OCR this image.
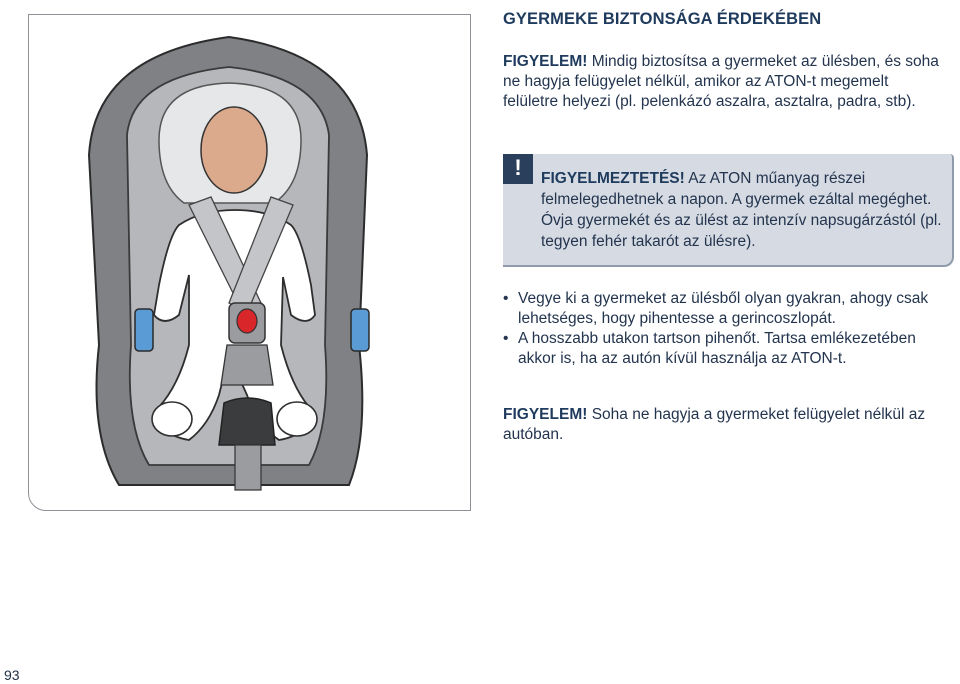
GYERMEKE BIZTONSÁGA ÉRDEKÉBEN

FIGYELEM! Mindig biztosítsa a gyermeket az ülésben, és soha ne hagyja felügyelet nélkül, amikor az ATON-t megemelt felületre helyezi (pl. pelenkázó aszalra, asztalra, padra, stb).

!	FIGYELMEZTETÉS! Az ATON műanyag részei felmelegedhetnek a napon. A gyermek ezáltal megéghet. Óvja gyermekét és az ülést az intenzív napsugárzástól (pl. tegyen fehér takarót az ülésre).
• Vegye ki a gyermeket az ülésből olyan gyakran, ahogy csak lehetséges, hogy pihentesse a gerincoszlopát.
• A hosszabb utakon tartson pihenőt. Tartsa emlékezetében akkor is, ha az autón kívül használja az ATON-t.

FIGYELEM! Soha ne hagyja a gyermeket felügyelet nélkül az autóban.

93
